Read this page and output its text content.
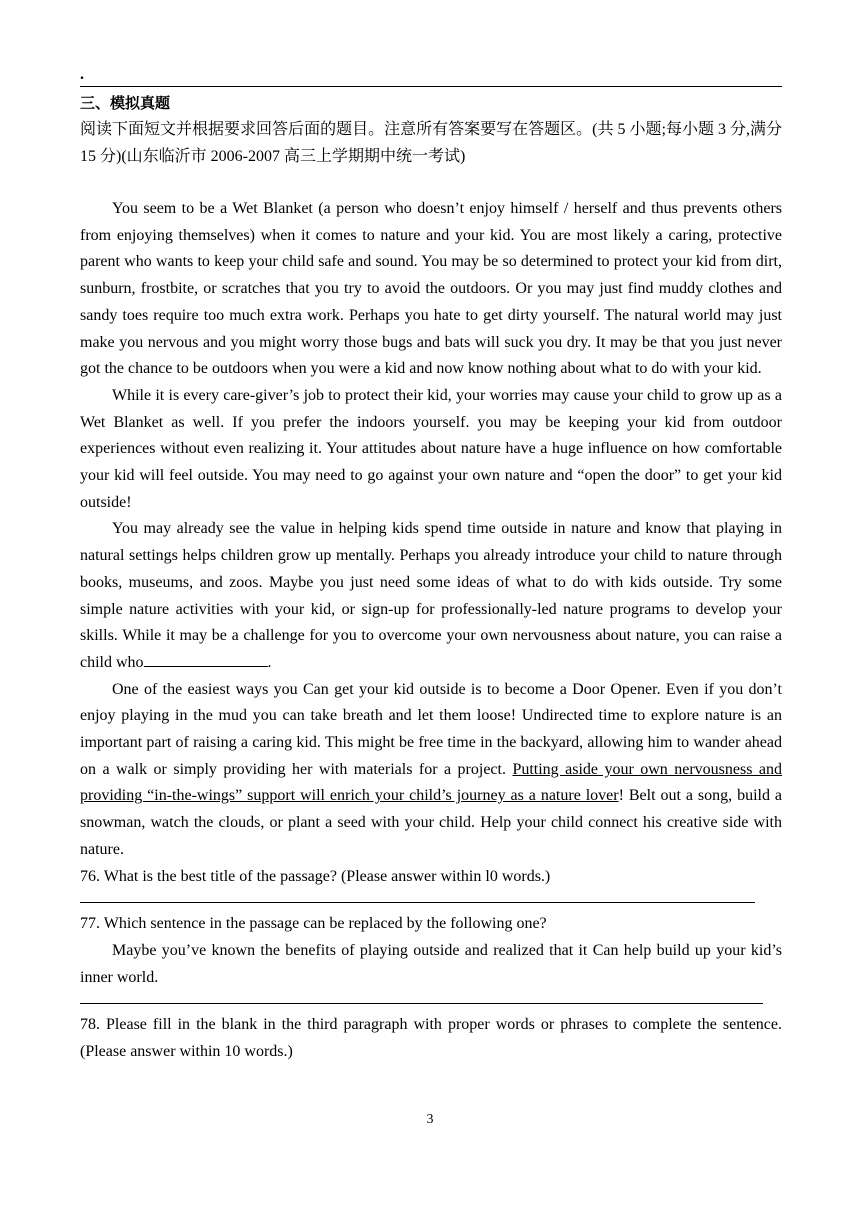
.
三、模拟真题
阅读下面短文并根据要求回答后面的题目。注意所有答案要写在答题区。(共 5 小题;每小题 3 分,满分 15 分)(山东临沂市 2006-2007 高三上学期期中统一考试)

You seem to be a Wet Blanket (a person who doesn’t enjoy himself / herself and thus prevents others from enjoying themselves) when it comes to nature and your kid. You are most likely a caring, protective parent who wants to keep your child safe and sound. You may be so determined to protect your kid from dirt, sunburn, frostbite, or scratches that you try to avoid the outdoors. Or you may just find muddy clothes and sandy toes require too much extra work. Perhaps you hate to get dirty yourself. The natural world may just make you nervous and you might worry those bugs and bats will suck you dry. It may be that you just never got the chance to be outdoors when you were a kid and now know nothing about what to do with your kid.

While it is every care-giver’s job to protect their kid, your worries may cause your child to grow up as a Wet Blanket as well. If you prefer the indoors yourself. you may be keeping your kid from outdoor experiences without even realizing it. Your attitudes about nature have a huge influence on how comfortable your kid will feel outside. You may need to go against your own nature and “open the door” to get your kid outside!

You may already see the value in helping kids spend time outside in nature and know that playing in natural settings helps children grow up mentally. Perhaps you already introduce your child to nature through books, museums, and zoos. Maybe you just need some ideas of what to do with kids outside. Try some simple nature activities with your kid, or sign-up for professionally-led nature programs to develop your skills. While it may be a challenge for you to overcome your own nervousness about nature, you can raise a child who	.

One of the easiest ways you Can get your kid outside is to become a Door Opener. Even if you don’t enjoy playing in the mud you can take breath and let them loose! Undirected time to explore nature is an important part of raising a caring kid. This might be free time in the backyard, allowing him to wander ahead on a walk or simply providing her with materials for a project. Putting aside your own nervousness and providing “in-the-wings” support will enrich your child’s journey as a nature lover! Belt out a song, build a snowman, watch the clouds, or plant a seed with your child. Help your child connect his creative side with nature.

76. What is the best title of the passage? (Please answer within l0 words.)

77. Which sentence in the passage can be replaced by the following one?

Maybe you’ve known the benefits of playing outside and realized that it Can help build up your kid’s inner world.

78. Please fill in the blank in the third paragraph with proper words or phrases to complete the sentence. (Please answer within 10 words.)

3
